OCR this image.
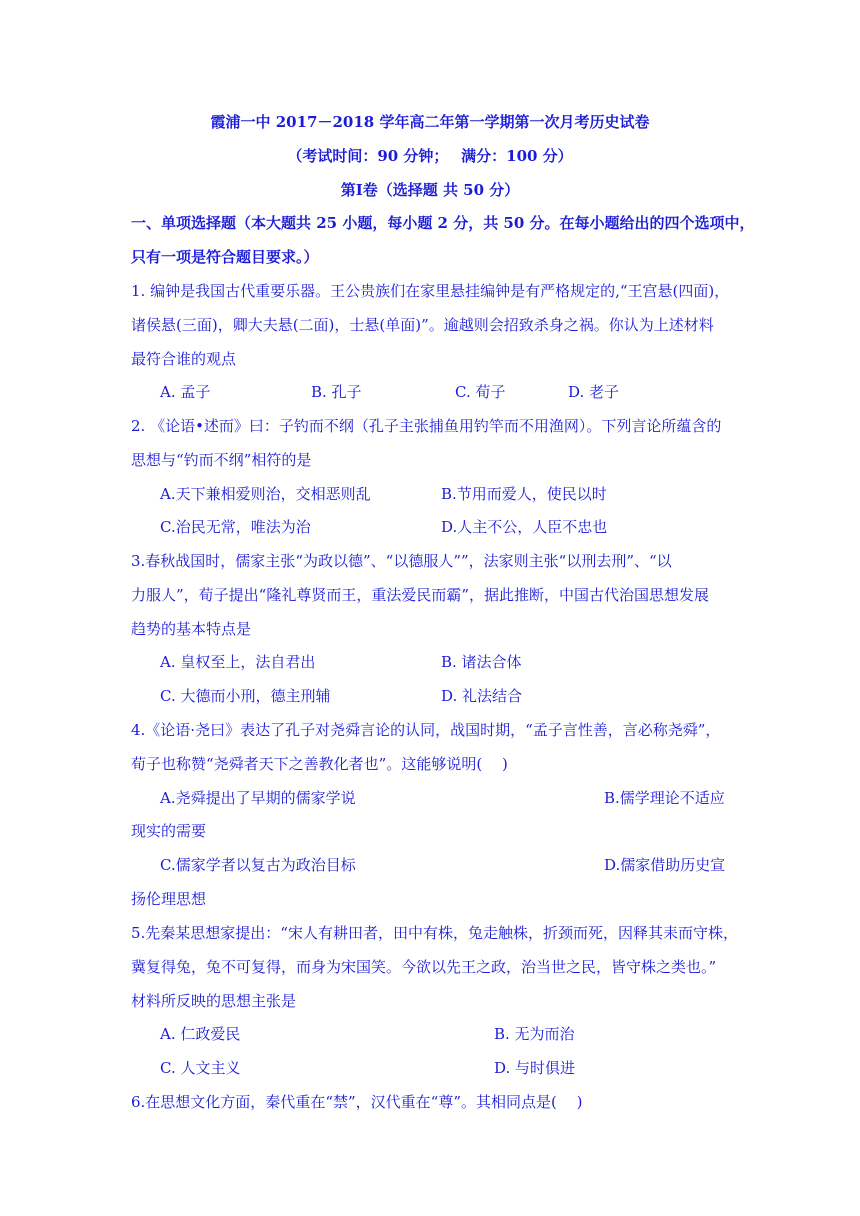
霞浦一中 2017－2018 学年高二年第一学期第一次月考历史试卷
（考试时间：90 分钟；　 满分：100 分）
第Ⅰ卷（选择题 共 50 分）
一、单项选择题（本大题共 25 小题，每小题 2 分，共 50 分。在每小题给出的四个选项中，
只有一项是符合题目要求。）
1. 编钟是我国古代重要乐器。王公贵族们在家里悬挂编钟是有严格规定的,“王宫悬(四面)，
诸侯悬(三面)，卿大夫悬(二面)，士悬(单面)”。逾越则会招致杀身之祸。你认为上述材料
最符合谁的观点
A. 孟子	B. 孔子	C. 荀子	D. 老子
2. 《论语•述而》曰：子钓而不纲（孔子主张捕鱼用钓竿而不用渔网）。下列言论所蕴含的
思想与“钓而不纲”相符的是
A.天下兼相爱则治，交相恶则乱	B.节用而爱人，使民以时
C.治民无常，唯法为治	D.人主不公，人臣不忠也
3.春秋战国时，儒家主张“为政以德”、“以德服人””，法家则主张“以刑去刑”、“以
力服人”，荀子提出“隆礼尊贤而王，重法爱民而霸”，据此推断，中国古代治国思想发展
趋势的基本特点是
A. 皇权至上，法自君出	B. 诸法合体
C. 大德而小刑，德主刑辅	D. 礼法结合
4.《论语·尧曰》表达了孔子对尧舜言论的认同，战国时期，“孟子言性善，言必称尧舜”，
荀子也称赞“尧舜者天下之善教化者也”。这能够说明(　 )
A.尧舜提出了早期的儒家学说	B.儒学理论不适应
现实的需要
C.儒家学者以复古为政治目标	D.儒家借助历史宣
扬伦理思想
5.先秦某思想家提出：“宋人有耕田者，田中有株，兔走触株，折颈而死，因释其耒而守株，
冀复得兔，兔不可复得，而身为宋国笑。今欲以先王之政，治当世之民，皆守株之类也。”
材料所反映的思想主张是
A. 仁政爱民	B. 无为而治
C. 人文主义	D. 与时俱进
6.在思想文化方面，秦代重在“禁”，汉代重在“尊”。其相同点是(　 )
